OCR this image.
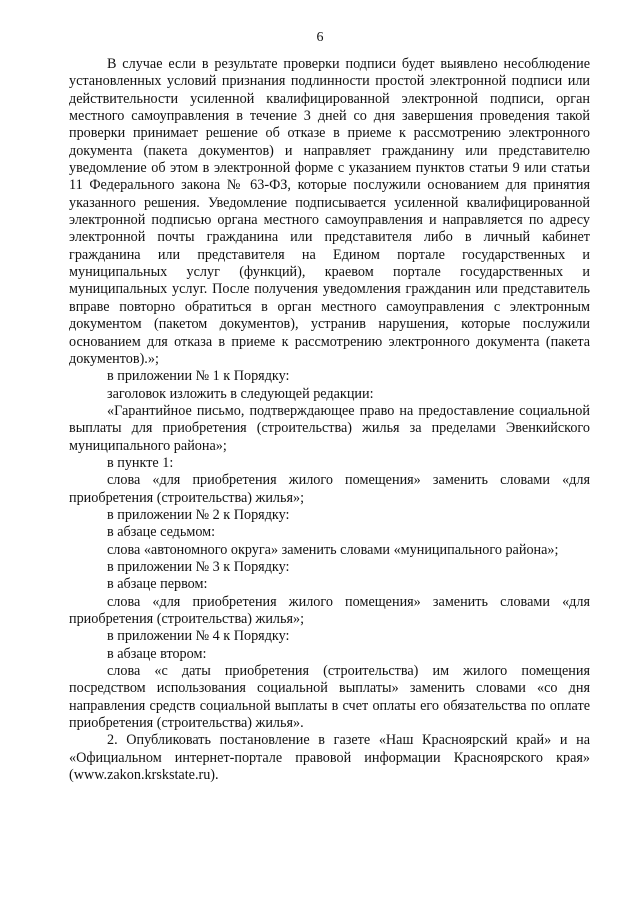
6

В случае если в результате проверки подписи будет выявлено несоблюдение установленных условий признания подлинности простой электронной подписи или действительности усиленной квалифицированной электронной подписи, орган местного самоуправления в течение 3 дней со дня завершения проведения такой проверки принимает решение об отказе в приеме к рассмотрению электронного документа (пакета документов) и направляет гражданину или представителю уведомление об этом в электронной форме с указанием пунктов статьи 9 или статьи 11 Федерального закона № 63-ФЗ, которые послужили основанием для принятия указанного решения. Уведомление подписывается усиленной квалифицированной электронной подписью органа местного самоуправления и направляется по адресу электронной почты гражданина или представителя либо в личный кабинет гражданина или представителя на Едином портале государственных и муниципальных услуг (функций), краевом портале государственных и муниципальных услуг. После получения уведомления гражданин или представитель вправе повторно обратиться в орган местного самоуправления с электронным документом (пакетом документов), устранив нарушения, которые послужили основанием для отказа в приеме к рассмотрению электронного документа (пакета документов).»;

в приложении № 1 к Порядку:

заголовок изложить в следующей редакции:

«Гарантийное письмо, подтверждающее право на предоставление социальной выплаты для приобретения (строительства) жилья за пределами Эвенкийского муниципального района»;

в пункте 1:

слова «для приобретения жилого помещения» заменить словами «для приобретения (строительства) жилья»;

в приложении № 2 к Порядку:

в абзаце седьмом:

слова «автономного округа» заменить словами «муниципального района»;

в приложении № 3 к Порядку:

в абзаце первом:

слова «для приобретения жилого помещения» заменить словами «для приобретения (строительства) жилья»;

в приложении № 4 к Порядку:

в абзаце втором:

слова «с даты приобретения (строительства) им жилого помещения посредством использования социальной выплаты» заменить словами «со дня направления средств социальной выплаты в счет оплаты его обязательства по оплате приобретения (строительства) жилья».

2. Опубликовать постановление в газете «Наш Красноярский край» и на «Официальном интернет-портале правовой информации Красноярского края» (www.zakon.krskstate.ru).
